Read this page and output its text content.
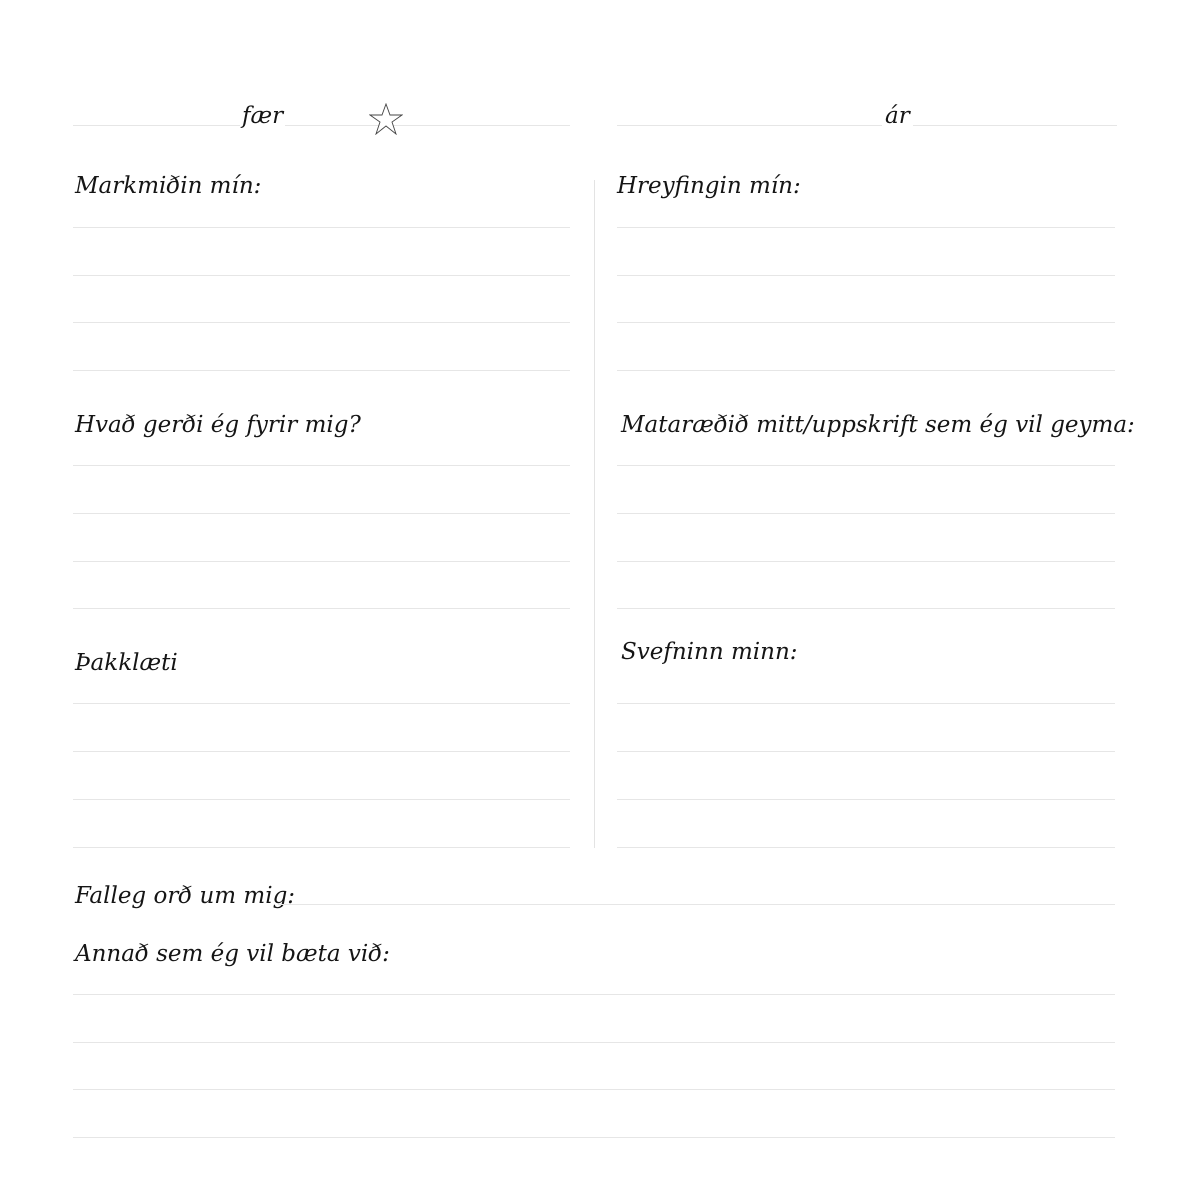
fær	ár
Markmiðin mín:
Hvað gerði ég fyrir mig?
Þakklæti
Hreyfingin mín:
Mataræðið mitt/uppskrift sem ég vil geyma:
Svefninn minn:
Falleg orð um mig:
Annað sem ég vil bæta við:
